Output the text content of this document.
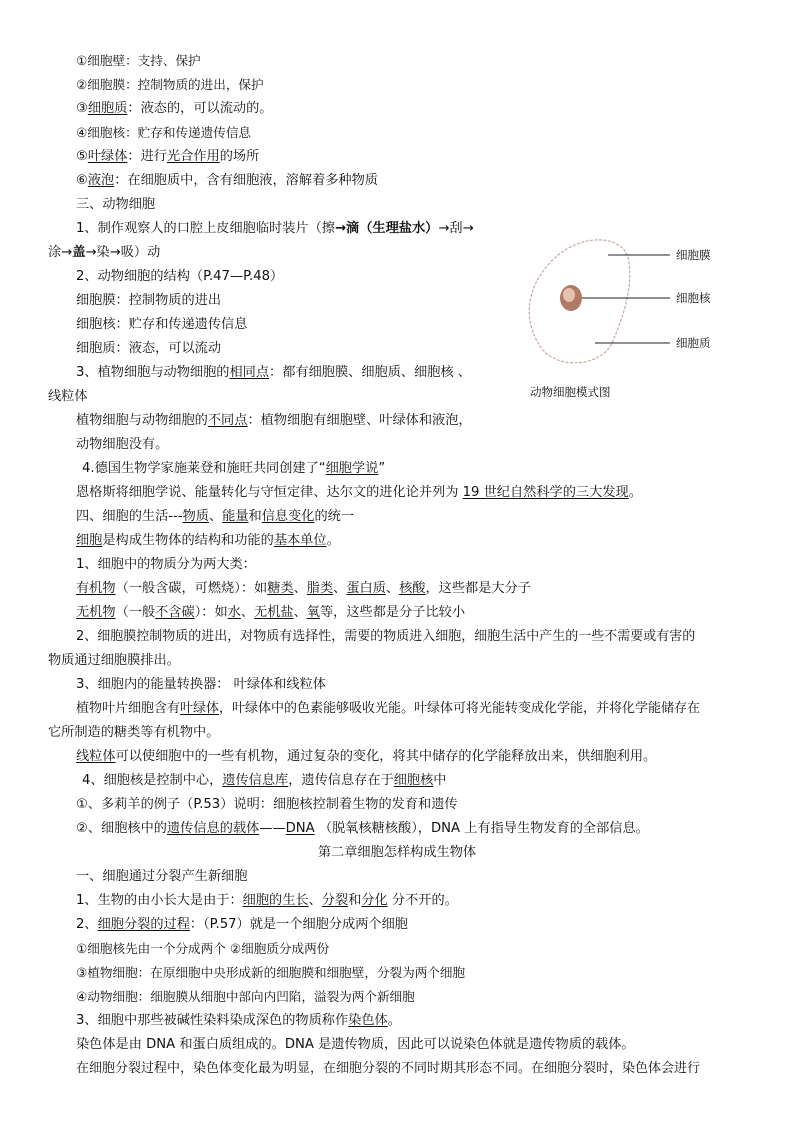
①细胞壁：支持、保护
②细胞膜：控制物质的进出，保护
③细胞质：液态的，可以流动的。
④细胞核：贮存和传递遗传信息
⑤叶绿体：进行光合作用的场所
⑥液泡：在细胞质中，含有细胞液，溶解着多种物质
三、动物细胞
1、制作观察人的口腔上皮细胞临时装片（擦→滴（生理盐水）→刮→
涂→盖→染→吸）动
2、动物细胞的结构（P.47—P.48）
细胞膜：控制物质的进出
细胞核：贮存和传递遗传信息
细胞质：液态，可以流动
3、植物细胞与动物细胞的相同点：都有细胞膜、细胞质、细胞核 、
线粒体
植物细胞与动物细胞的不同点：植物细胞有细胞壁、叶绿体和液泡，
动物细胞没有。
4.德国生物学家施莱登和施旺共同创建了“细胞学说”
恩格斯将细胞学说、能量转化与守恒定律、达尔文的进化论并列为 19 世纪自然科学的三大发现。
细胞膜
细胞核
细胞质
动物细胞模式图
四、细胞的生活---物质、能量和信息变化的统一
细胞是构成生物体的结构和功能的基本单位。
1、细胞中的物质分为两大类：
有机物（一般含碳，可燃烧）：如糖类、脂类、蛋白质、核酸，这些都是大分子
无机物（一般不含碳）：如水、无机盐、氧等，这些都是分子比较小
2、细胞膜控制物质的进出，对物质有选择性，需要的物质进入细胞，细胞生活中产生的一些不需要或有害的
物质通过细胞膜排出。
3、细胞内的能量转换器： 叶绿体和线粒体
植物叶片细胞含有叶绿体，叶绿体中的色素能够吸收光能。叶绿体可将光能转变成化学能，并将化学能储存在
它所制造的糖类等有机物中。
线粒体可以使细胞中的一些有机物，通过复杂的变化，将其中储存的化学能释放出来，供细胞利用。
4、细胞核是控制中心，遗传信息库，遗传信息存在于细胞核中
①、多莉羊的例子（P.53）说明：细胞核控制着生物的发育和遗传
②、细胞核中的遗传信息的载体——DNA （脱氧核糖核酸），DNA 上有指导生物发育的全部信息。
第二章细胞怎样构成生物体
一、细胞通过分裂产生新细胞
1、生物的由小长大是由于：细胞的生长、分裂和分化 分不开的。
2、细胞分裂的过程：（P.57）就是一个细胞分成两个细胞
①细胞核先由一个分成两个 ②细胞质分成两份
③植物细胞：在原细胞中央形成新的细胞膜和细胞壁，分裂为两个细胞
④动物细胞：细胞膜从细胞中部向内凹陷，溢裂为两个新细胞
3、细胞中那些被碱性染料染成深色的物质称作染色体。
染色体是由 DNA 和蛋白质组成的。DNA 是遗传物质，因此可以说染色体就是遗传物质的载体。
在细胞分裂过程中，染色体变化最为明显，在细胞分裂的不同时期其形态不同。在细胞分裂时，染色体会进行
